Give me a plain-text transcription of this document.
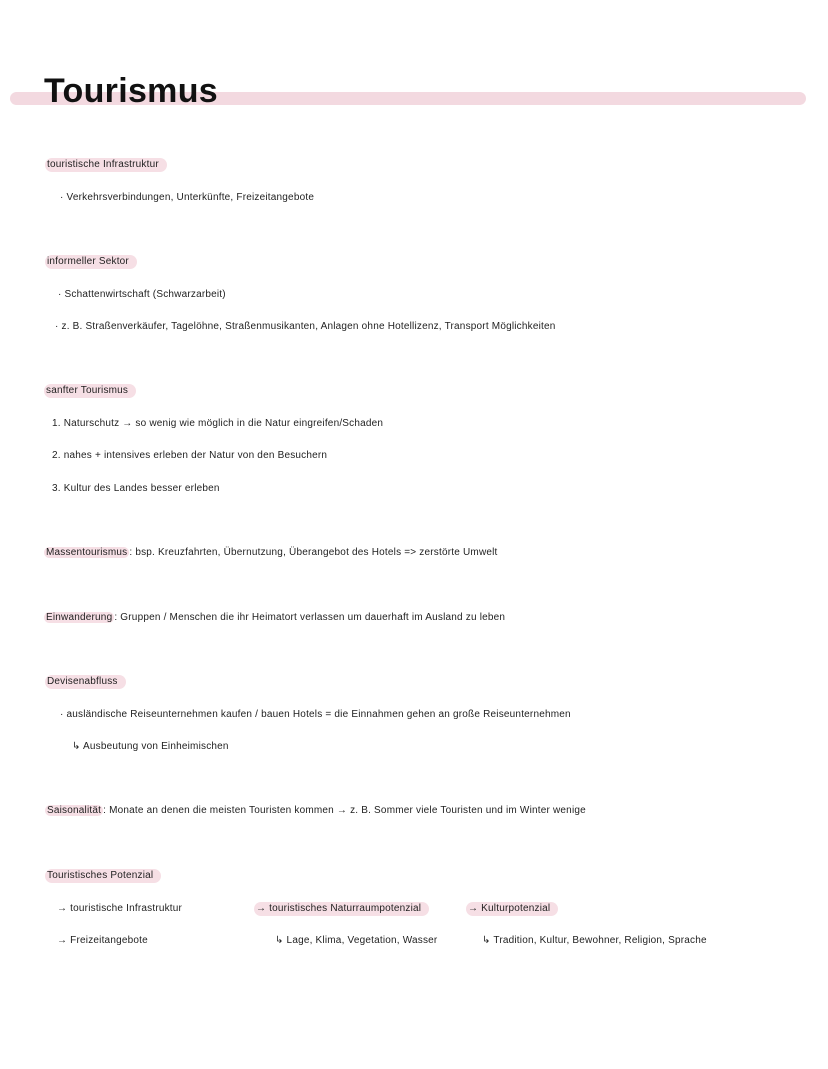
Tourismus
touristische Infrastruktur
· Verkehrsverbindungen, Unterkünfte, Freizeitangebote
informeller Sektor
· Schattenwirtschaft (Schwarzarbeit)
· z. B. Straßenverkäufer, Tagelöhne, Straßenmusikanten, Anlagen ohne Hotellizenz, Transport Möglichkeiten
sanfter Tourismus
1. Naturschutz → so wenig wie möglich in die Natur eingreifen/Schaden
2. nahes + intensives erleben der Natur von den Besuchern
3. Kultur des Landes besser erleben
Massentourismus : bsp. Kreuzfahrten, Übernutzung, Überangebot des Hotels => zerstörte Umwelt
Einwanderung : Gruppen / Menschen die ihr Heimatort verlassen um dauerhaft im Ausland zu leben
Devisenabfluss
· ausländische Reiseunternehmen kaufen / bauen Hotels = die Einnahmen gehen an große Reiseunternehmen
↳ Ausbeutung von Einheimischen
Saisonalität : Monate an denen die meisten Touristen kommen → z. B. Sommer viele Touristen und im Winter wenige
Touristisches Potenzial
→ touristische Infrastruktur
→ Freizeitangebote
→ touristisches Naturraumpotenzial
↳ Lage, Klima, Vegetation, Wasser
→ Kulturpotenzial
↳ Tradition, Kultur, Bewohner, Religion, Sprache
